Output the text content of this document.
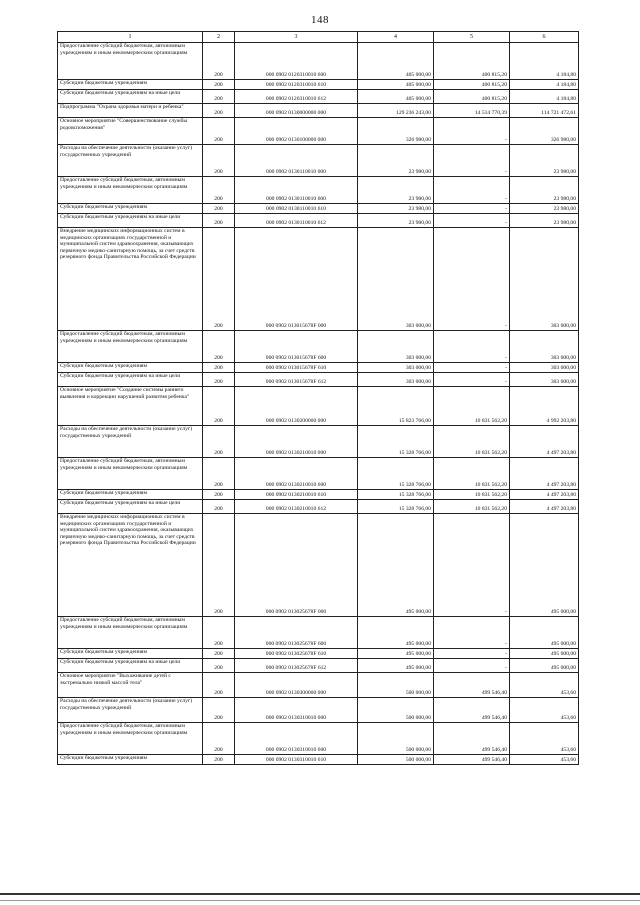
148
1	2	3	4	5	6
Предоставление субсидий бюджетным, автономным учреждениям и иным некоммерческим организациям	200	000 0902 0120310010 600	405 000,00	400 815,20	4 184,80
Субсидии бюджетным учреждениям	200	000 0902 0120310010 610	405 000,00	400 815,20	4 184,80
Субсидии бюджетным учреждениям на иные цели	200	000 0902 0120310010 612	405 000,00	400 815,20	4 184,80
Подпрограмма "Охрана здоровья матери и ребенка"	200	000 0902 0130000000 000	129 236 243,00	14 514 770,39	114 721 472,61
Основное мероприятие "Совершенствование службы родовспоможения"	200	000 0902 0130100000 000	326 980,00	-	326 980,00
Расходы на обеспечение деятельности (оказание услуг) государственных учреждений	200	000 0902 0130110010 000	23 980,00	-	23 980,00
Предоставление субсидий бюджетным, автономным учреждениям и иным некоммерческим организациям	200	000 0902 0130110010 600	23 980,00	-	23 980,00
Субсидии бюджетным учреждениям	200	000 0902 0130110010 610	23 980,00	-	23 980,00
Субсидии бюджетным учреждениям на иные цели	200	000 0902 0130110010 612	23 980,00	-	23 980,00
Внедрение медицинских информационных систем в медицинских организациях государственной и муниципальной систем здравоохранения, оказывающих первичную медико-санитарную помощь, за счет средств резервного фонда Правительства Российской Федерации	200	000 0902 013015678F 000	303 000,00	-	303 000,00
Предоставление субсидий бюджетным, автономным учреждениям и иным некоммерческим организациям	200	000 0902 013015678F 600	303 000,00	-	303 000,00
Субсидии бюджетным учреждениям	200	000 0902 013015678F 610	303 000,00	-	303 000,00
Субсидии бюджетным учреждениям на иные цели	200	000 0902 013015678F 612	303 000,00	-	303 000,00
Основное мероприятие "Создание системы раннего выявления и коррекции нарушений развития ребенка"	200	000 0902 0130200000 000	15 823 766,00	10 831 562,20	4 992 203,80
Расходы на обеспечение деятельности (оказание услуг) государственных учреждений	200	000 0902 0130210010 000	15 328 766,00	10 831 562,20	4 497 203,80
Предоставление субсидий бюджетным, автономным учреждениям и иным некоммерческим организациям	200	000 0902 0130210010 600	15 328 766,00	10 831 562,20	4 497 203,80
Субсидии бюджетным учреждениям	200	000 0902 0130210010 610	15 328 766,00	10 831 562,20	4 497 203,80
Субсидии бюджетным учреждениям на иные цели	200	000 0902 0130210010 612	15 328 766,00	10 831 562,20	4 497 203,80
Внедрение медицинских информационных систем в медицинских организациях государственной и муниципальной систем здравоохранения, оказывающих первичную медико-санитарную помощь, за счет средств резервного фонда Правительства Российской Федерации	200	000 0902 013025678F 000	495 000,00	-	495 000,00
Предоставление субсидий бюджетным, автономным учреждениям и иным некоммерческим организациям	200	000 0902 013025678F 600	495 000,00	-	495 000,00
Субсидии бюджетным учреждениям	200	000 0902 013025678F 610	495 000,00	-	495 000,00
Субсидии бюджетным учреждениям на иные цели	200	000 0902 013025678F 612	495 000,00	-	495 000,00
Основное мероприятие "Выхаживание детей с экстремально низкой массой тела"	200	000 0902 0130300000 000	500 000,00	499 546,40	453,60
Расходы на обеспечение деятельности (оказание услуг) государственных учреждений	200	000 0902 0130310010 000	500 000,00	499 546,40	453,60
Предоставление субсидий бюджетным, автономным учреждениям и иным некоммерческим организациям	200	000 0902 0130310010 600	500 000,00	499 546,40	453,60
Субсидии бюджетным учреждениям	200	000 0902 0130310010 610	500 000,00	499 546,40	453,60
